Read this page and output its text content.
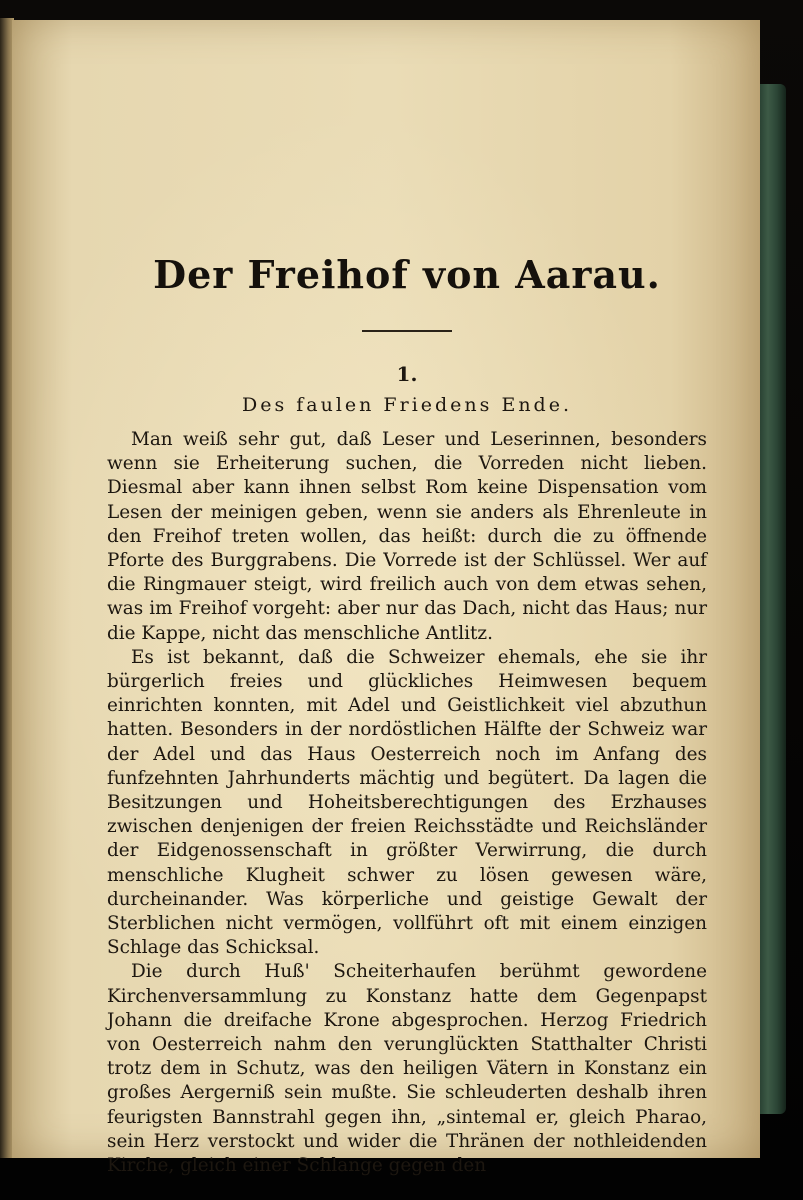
Der Freihof von Aarau.
1.
Des faulen Friedens Ende.

Man weiß sehr gut, daß Leser und Leserinnen, besonders wenn sie Erheiterung suchen, die Vorreden nicht lieben. Diesmal aber kann ihnen selbst Rom keine Dispensation vom Lesen der meinigen geben, wenn sie anders als Ehrenleute in den Freihof treten wollen, das heißt: durch die zu öffnende Pforte des Burggrabens. Die Vorrede ist der Schlüssel. Wer auf die Ringmauer steigt, wird freilich auch von dem etwas sehen, was im Freihof vorgeht: aber nur das Dach, nicht das Haus; nur die Kappe, nicht das menschliche Antlitz.

Es ist bekannt, daß die Schweizer ehemals, ehe sie ihr bürgerlich freies und glückliches Heimwesen bequem einrichten konnten, mit Adel und Geistlichkeit viel abzuthun hatten. Besonders in der nordöstlichen Hälfte der Schweiz war der Adel und das Haus Oesterreich noch im Anfang des funfzehnten Jahrhunderts mächtig und begütert. Da lagen die Besitzungen und Hoheitsberechtigungen des Erzhauses zwischen denjenigen der freien Reichsstädte und Reichsländer der Eidgenossenschaft in größter Verwirrung, die durch menschliche Klugheit schwer zu lösen gewesen wäre, durcheinander. Was körperliche und geistige Gewalt der Sterblichen nicht vermögen, vollführt oft mit einem einzigen Schlage das Schicksal.

Die durch Huß' Scheiterhaufen berühmt gewordene Kirchenversammlung zu Konstanz hatte dem Gegenpapst Johann die dreifache Krone abgesprochen. Herzog Friedrich von Oesterreich nahm den verunglückten Statthalter Christi trotz dem in Schutz, was den heiligen Vätern in Konstanz ein großes Aergerniß sein mußte. Sie schleuderten deshalb ihren feurigsten Bannstrahl gegen ihn, „sintemal er, gleich Pharao, sein Herz verstockt und wider die Thränen der nothleidenden Kirche, gleich einer Schlange gegen den
